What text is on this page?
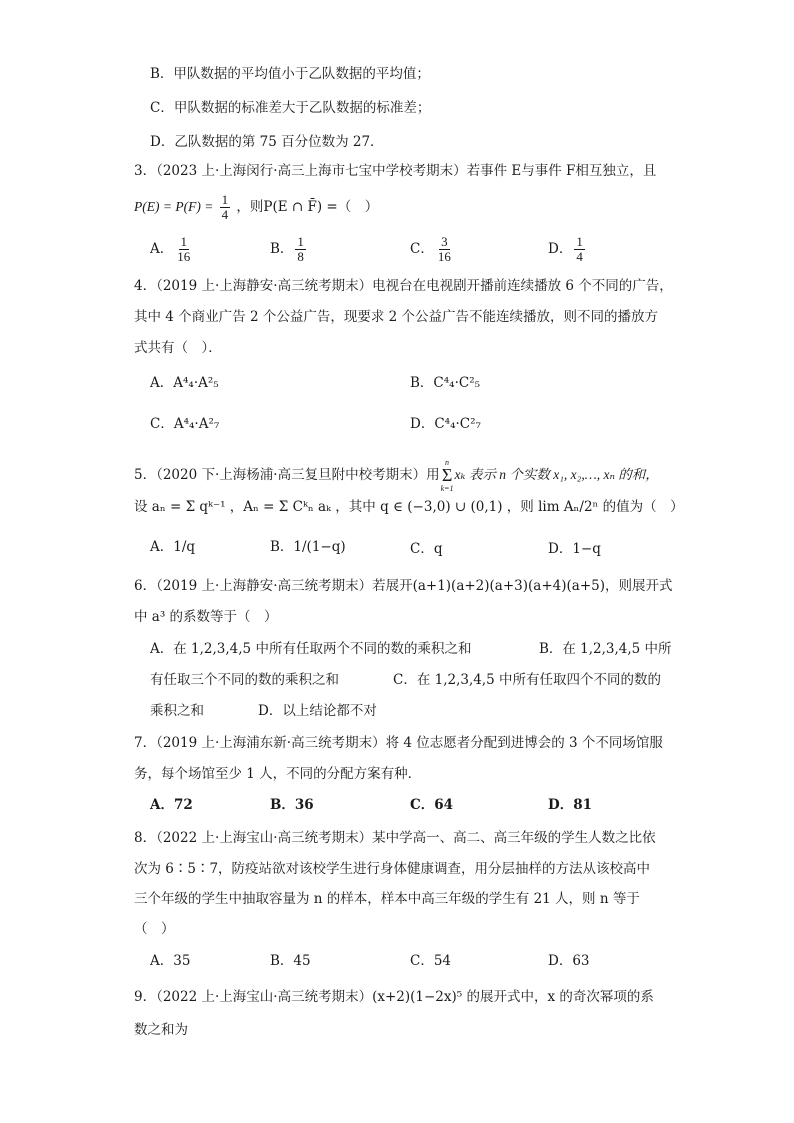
B．甲队数据的平均值小于乙队数据的平均值；
C．甲队数据的标准差大于乙队数据的标准差；
D．乙队数据的第 75 百分位数为 27．
3．（2023 上·上海闵行·高三上海市七宝中学校考期末）若事件 E与事件 F相互独立，且
$P(E) = P(F) = \frac{1}{4}$ ，则P(E ∩ F̄) =（　）
A． $\frac{1}{16}$	B． $\frac{1}{8}$	C． $\frac{3}{16}$	D． $\frac{1}{4}$
4．（2019 上·上海静安·高三统考期末）电视台在电视剧开播前连续播放 6 个不同的广告，
其中 4 个商业广告 2 个公益广告，现要求 2 个公益广告不能连续播放，则不同的播放方
式共有（　）．
A．A⁴₄·A²₅	B．C⁴₄·C²₅
C．A⁴₄·A²₇	D．C⁴₄·C²₇
5．（2020 下·上海杨浦·高三复旦附中校考期末）用
n
Σ
k=1
xₖ 表示 n 个实数 x₁, x₂,…, xₙ 的和，
设 aₙ = Σ qᵏ⁻¹ ，Aₙ = Σ Cᵏₙ aₖ ，其中 q ∈ (−3,0) ∪ (0,1) ，则 lim Aₙ/2ⁿ 的值为（　）
A．1/q	B．1/(1−q)	C．q	D．1−q
6．（2019 上·上海静安·高三统考期末）若展开(a+1)(a+2)(a+3)(a+4)(a+5)，则展开式
中 a³ 的系数等于（　）
A．在 1,2,3,4,5 中所有任取两个不同的数的乘积之和　　　　　B．在 1,2,3,4,5 中所
有任取三个不同的数的乘积之和　　　　C．在 1,2,3,4,5 中所有任取四个不同的数的
乘积之和　　　　D．以上结论都不对
7．（2019 上·上海浦东新·高三统考期末）将 4 位志愿者分配到进博会的 3 个不同场馆服
务，每个场馆至少 1 人，不同的分配方案有种．
A．72	B．36	C．64	D．81
8．（2022 上·上海宝山·高三统考期末）某中学高一、高二、高三年级的学生人数之比依
次为 6∶5∶7，防疫站欲对该校学生进行身体健康调查，用分层抽样的方法从该校高中
三个年级的学生中抽取容量为 n 的样本，样本中高三年级的学生有 21 人，则 n 等于
（　）
A．35	B．45	C．54	D．63
9．（2022 上·上海宝山·高三统考期末）(x+2)(1−2x)⁵ 的展开式中，x 的奇次幂项的系
数之和为
